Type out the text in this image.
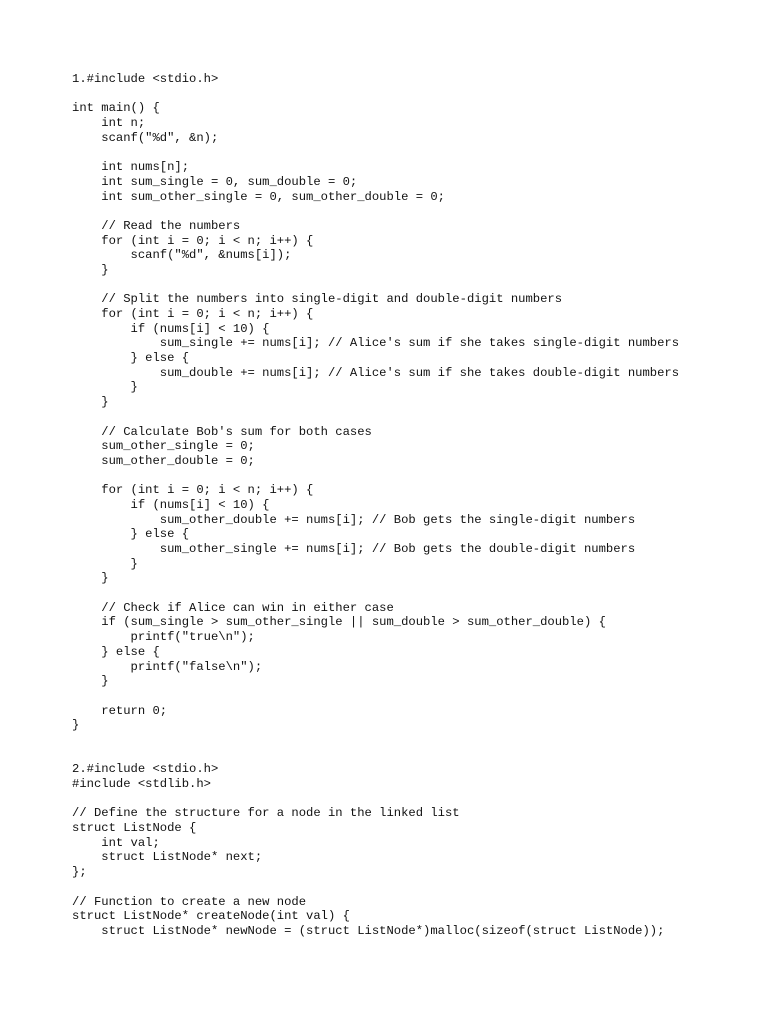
1.#include <stdio.h>
int main() {
int n;
scanf("%d", &n);
int nums[n];
int sum_single = 0, sum_double = 0;
int sum_other_single = 0, sum_other_double = 0;
// Read the numbers
for (int i = 0; i < n; i++) {
scanf("%d", &nums[i]);
}
// Split the numbers into single-digit and double-digit numbers
for (int i = 0; i < n; i++) {
if (nums[i] < 10) {
sum_single += nums[i]; // Alice's sum if she takes single-digit numbers
} else {
sum_double += nums[i]; // Alice's sum if she takes double-digit numbers
}
}
// Calculate Bob's sum for both cases
sum_other_single = 0;
sum_other_double = 0;
for (int i = 0; i < n; i++) {
if (nums[i] < 10) {
sum_other_double += nums[i]; // Bob gets the single-digit numbers
} else {
sum_other_single += nums[i]; // Bob gets the double-digit numbers
}
}
// Check if Alice can win in either case
if (sum_single > sum_other_single || sum_double > sum_other_double) {
printf("true\n");
} else {
printf("false\n");
}
return 0;
}
2.#include <stdio.h>
#include <stdlib.h>
// Define the structure for a node in the linked list
struct ListNode {
int val;
struct ListNode* next;
};
// Function to create a new node
struct ListNode* createNode(int val) {
struct ListNode* newNode = (struct ListNode*)malloc(sizeof(struct ListNode));
